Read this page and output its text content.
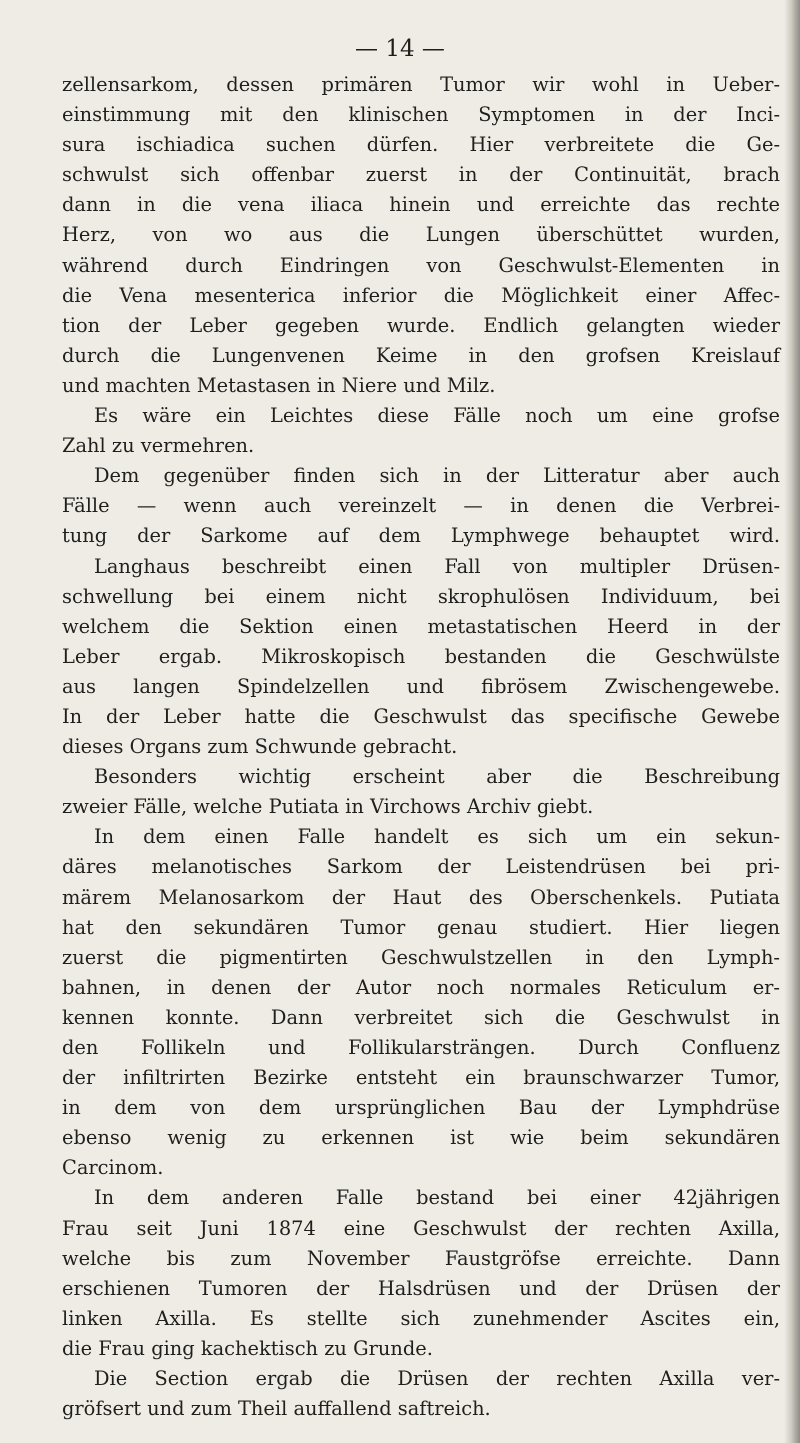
— 14 —

zellensarkom, dessen primären Tumor wir wohl in Ueber-
einstimmung mit den klinischen Symptomen in der Inci-
sura ischiadica suchen dürfen. Hier verbreitete die Ge-
schwulst sich offenbar zuerst in der Continuität, brach
dann in die vena iliaca hinein und erreichte das rechte
Herz, von wo aus die Lungen überschüttet wurden,
während durch Eindringen von Geschwulst-Elementen in
die Vena mesenterica inferior die Möglichkeit einer Affec-
tion der Leber gegeben wurde. Endlich gelangten wieder
durch die Lungenvenen Keime in den grofsen Kreislauf
und machten Metastasen in Niere und Milz.
Es wäre ein Leichtes diese Fälle noch um eine grofse
Zahl zu vermehren.
Dem gegenüber finden sich in der Litteratur aber auch
Fälle — wenn auch vereinzelt — in denen die Verbrei-
tung der Sarkome auf dem Lymphwege behauptet wird.
Langhaus beschreibt einen Fall von multipler Drüsen-
schwellung bei einem nicht skrophulösen Individuum, bei
welchem die Sektion einen metastatischen Heerd in der
Leber ergab. Mikroskopisch bestanden die Geschwülste
aus langen Spindelzellen und fibrösem Zwischengewebe.
In der Leber hatte die Geschwulst das specifische Gewebe
dieses Organs zum Schwunde gebracht.
Besonders wichtig erscheint aber die Beschreibung
zweier Fälle, welche Putiata in Virchows Archiv giebt.
In dem einen Falle handelt es sich um ein sekun-
däres melanotisches Sarkom der Leistendrüsen bei pri-
märem Melanosarkom der Haut des Oberschenkels. Putiata
hat den sekundären Tumor genau studiert. Hier liegen
zuerst die pigmentirten Geschwulstzellen in den Lymph-
bahnen, in denen der Autor noch normales Reticulum er-
kennen konnte. Dann verbreitet sich die Geschwulst in
den Follikeln und Follikularsträngen. Durch Confluenz
der infiltrirten Bezirke entsteht ein braunschwarzer Tumor,
in dem von dem ursprünglichen Bau der Lymphdrüse
ebenso wenig zu erkennen ist wie beim sekundären
Carcinom.
In dem anderen Falle bestand bei einer 42jährigen
Frau seit Juni 1874 eine Geschwulst der rechten Axilla,
welche bis zum November Faustgröfse erreichte. Dann
erschienen Tumoren der Halsdrüsen und der Drüsen der
linken Axilla. Es stellte sich zunehmender Ascites ein,
die Frau ging kachektisch zu Grunde.
Die Section ergab die Drüsen der rechten Axilla ver-
gröfsert und zum Theil auffallend saftreich.
